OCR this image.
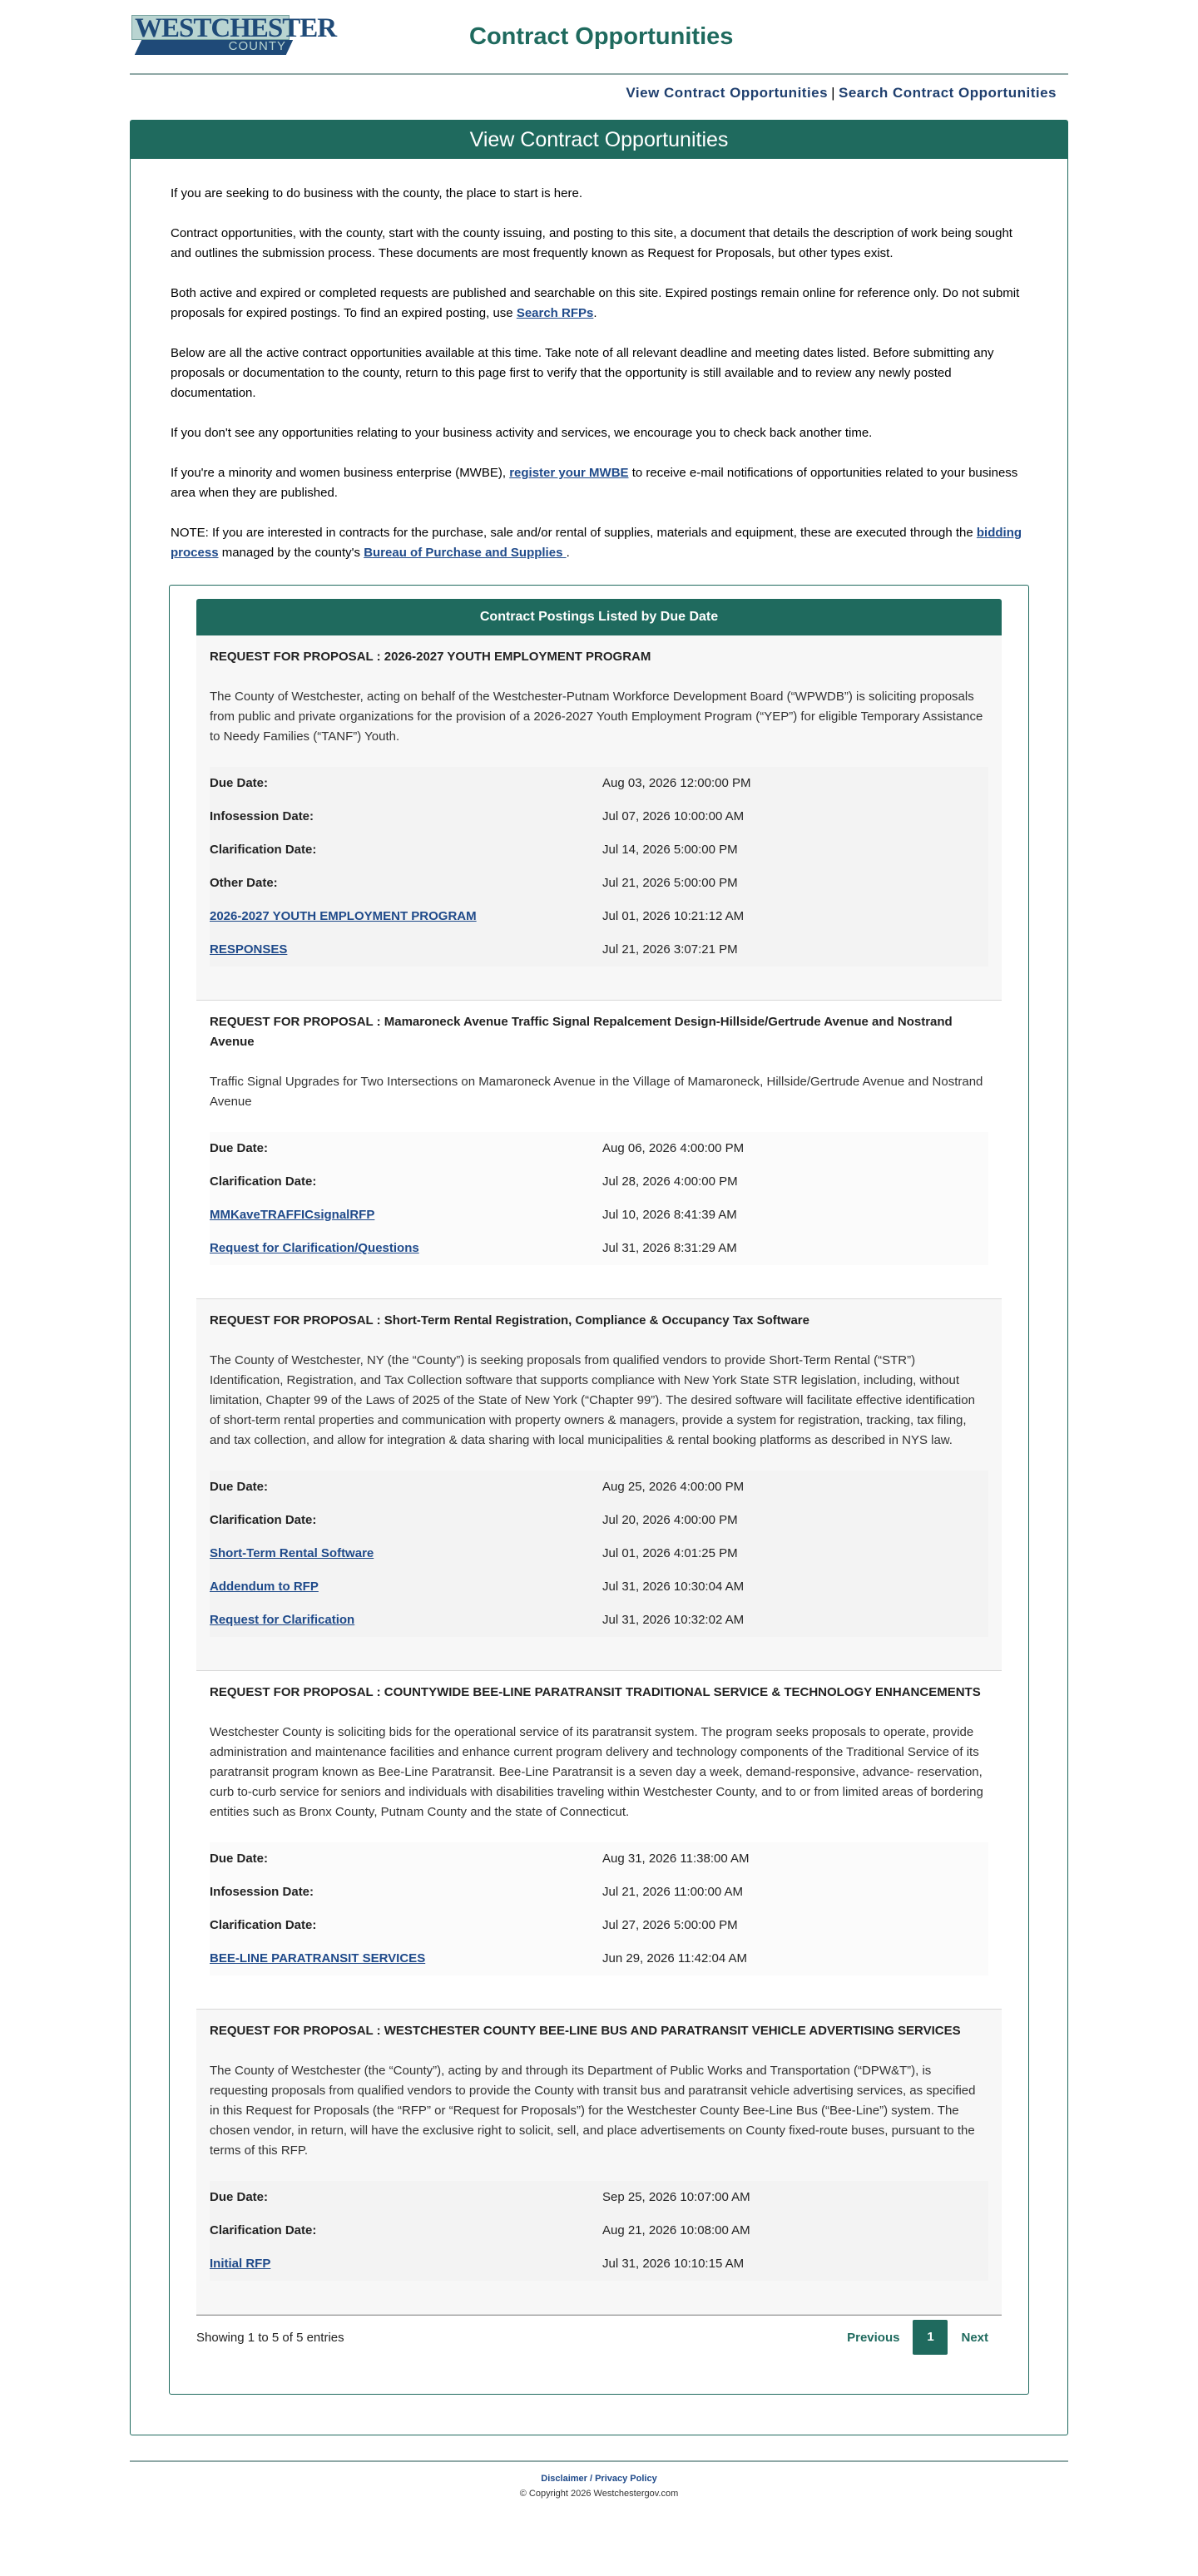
WESTCHESTER
COUNTY	Contract Opportunities
View Contract Opportunities | Search Contract Opportunities
View Contract Opportunities

If you are seeking to do business with the county, the place to start is here.

Contract opportunities, with the county, start with the county issuing, and posting to this site, a document that details the description of work being sought and outlines the submission process. These documents are most frequently known as Request for Proposals, but other types exist.

Both active and expired or completed requests are published and searchable on this site. Expired postings remain online for reference only. Do not submit proposals for expired postings. To find an expired posting, use Search RFPs.

Below are all the active contract opportunities available at this time. Take note of all relevant deadline and meeting dates listed. Before submitting any proposals or documentation to the county, return to this page first to verify that the opportunity is still available and to review any newly posted documentation.

If you don't see any opportunities relating to your business activity and services, we encourage you to check back another time.

If you're a minority and women business enterprise (MWBE), register your MWBE to receive e-mail notifications of opportunities related to your business area when they are published.

NOTE: If you are interested in contracts for the purchase, sale and/or rental of supplies, materials and equipment, these are executed through the bidding process managed by the county's Bureau of Purchase and Supplies .

Contract Postings Listed by Due Date
REQUEST FOR PROPOSAL : 2026-2027 YOUTH EMPLOYMENT PROGRAM
The County of Westchester, acting on behalf of the Westchester-Putnam Workforce Development Board (“WPWDB”) is soliciting proposals from public and private organizations for the provision of a 2026-2027 Youth Employment Program (“YEP”) for eligible Temporary Assistance to Needy Families (“TANF”) Youth.
Due Date:	Aug 03, 2026 12:00:00 PM
Infosession Date:	Jul 07, 2026 10:00:00 AM
Clarification Date:	Jul 14, 2026 5:00:00 PM
Other Date:	Jul 21, 2026 5:00:00 PM
2026-2027 YOUTH EMPLOYMENT PROGRAM	Jul 01, 2026 10:21:12 AM
RESPONSES	Jul 21, 2026 3:07:21 PM
REQUEST FOR PROPOSAL : Mamaroneck Avenue Traffic Signal Repalcement Design-Hillside/Gertrude Avenue and Nostrand Avenue
Traffic Signal Upgrades for Two Intersections on Mamaroneck Avenue in the Village of Mamaroneck, Hillside/Gertrude Avenue and Nostrand Avenue
Due Date:	Aug 06, 2026 4:00:00 PM
Clarification Date:	Jul 28, 2026 4:00:00 PM
MMKaveTRAFFICsignalRFP	Jul 10, 2026 8:41:39 AM
Request for Clarification/Questions	Jul 31, 2026 8:31:29 AM
REQUEST FOR PROPOSAL : Short-Term Rental Registration, Compliance & Occupancy Tax Software
The County of Westchester, NY (the “County”) is seeking proposals from qualified vendors to provide Short-Term Rental (“STR”) Identification, Registration, and Tax Collection software that supports compliance with New York State STR legislation, including, without limitation, Chapter 99 of the Laws of 2025 of the State of New York (“Chapter 99”). The desired software will facilitate effective identification of short-term rental properties and communication with property owners & managers, provide a system for registration, tracking, tax filing, and tax collection, and allow for integration & data sharing with local municipalities & rental booking platforms as described in NYS law.
Due Date:	Aug 25, 2026 4:00:00 PM
Clarification Date:	Jul 20, 2026 4:00:00 PM
Short-Term Rental Software	Jul 01, 2026 4:01:25 PM
Addendum to RFP	Jul 31, 2026 10:30:04 AM
Request for Clarification	Jul 31, 2026 10:32:02 AM
REQUEST FOR PROPOSAL : COUNTYWIDE BEE-LINE PARATRANSIT TRADITIONAL SERVICE & TECHNOLOGY ENHANCEMENTS
Westchester County is soliciting bids for the operational service of its paratransit system. The program seeks proposals to operate, provide administration and maintenance facilities and enhance current program delivery and technology components of the Traditional Service of its paratransit program known as Bee-Line Paratransit. Bee-Line Paratransit is a seven day a week, demand-responsive, advance- reservation, curb to-curb service for seniors and individuals with disabilities traveling within Westchester County, and to or from limited areas of bordering entities such as Bronx County, Putnam County and the state of Connecticut.
Due Date:	Aug 31, 2026 11:38:00 AM
Infosession Date:	Jul 21, 2026 11:00:00 AM
Clarification Date:	Jul 27, 2026 5:00:00 PM
BEE-LINE PARATRANSIT SERVICES	Jun 29, 2026 11:42:04 AM
REQUEST FOR PROPOSAL : WESTCHESTER COUNTY BEE-LINE BUS AND PARATRANSIT VEHICLE ADVERTISING SERVICES
The County of Westchester (the “County”), acting by and through its Department of Public Works and Transportation (“DPW&T”), is requesting proposals from qualified vendors to provide the County with transit bus and paratransit vehicle advertising services, as specified in this Request for Proposals (the “RFP” or “Request for Proposals”) for the Westchester County Bee-Line Bus (“Bee-Line”) system. The chosen vendor, in return, will have the exclusive right to solicit, sell, and place advertisements on County fixed-route buses, pursuant to the terms of this RFP.
Due Date:	Sep 25, 2026 10:07:00 AM
Clarification Date:	Aug 21, 2026 10:08:00 AM
Initial RFP	Jul 31, 2026 10:10:15 AM
Showing 1 to 5 of 5 entries	Previous	1	Next
Disclaimer / Privacy Policy
© Copyright 2026 Westchestergov.com
